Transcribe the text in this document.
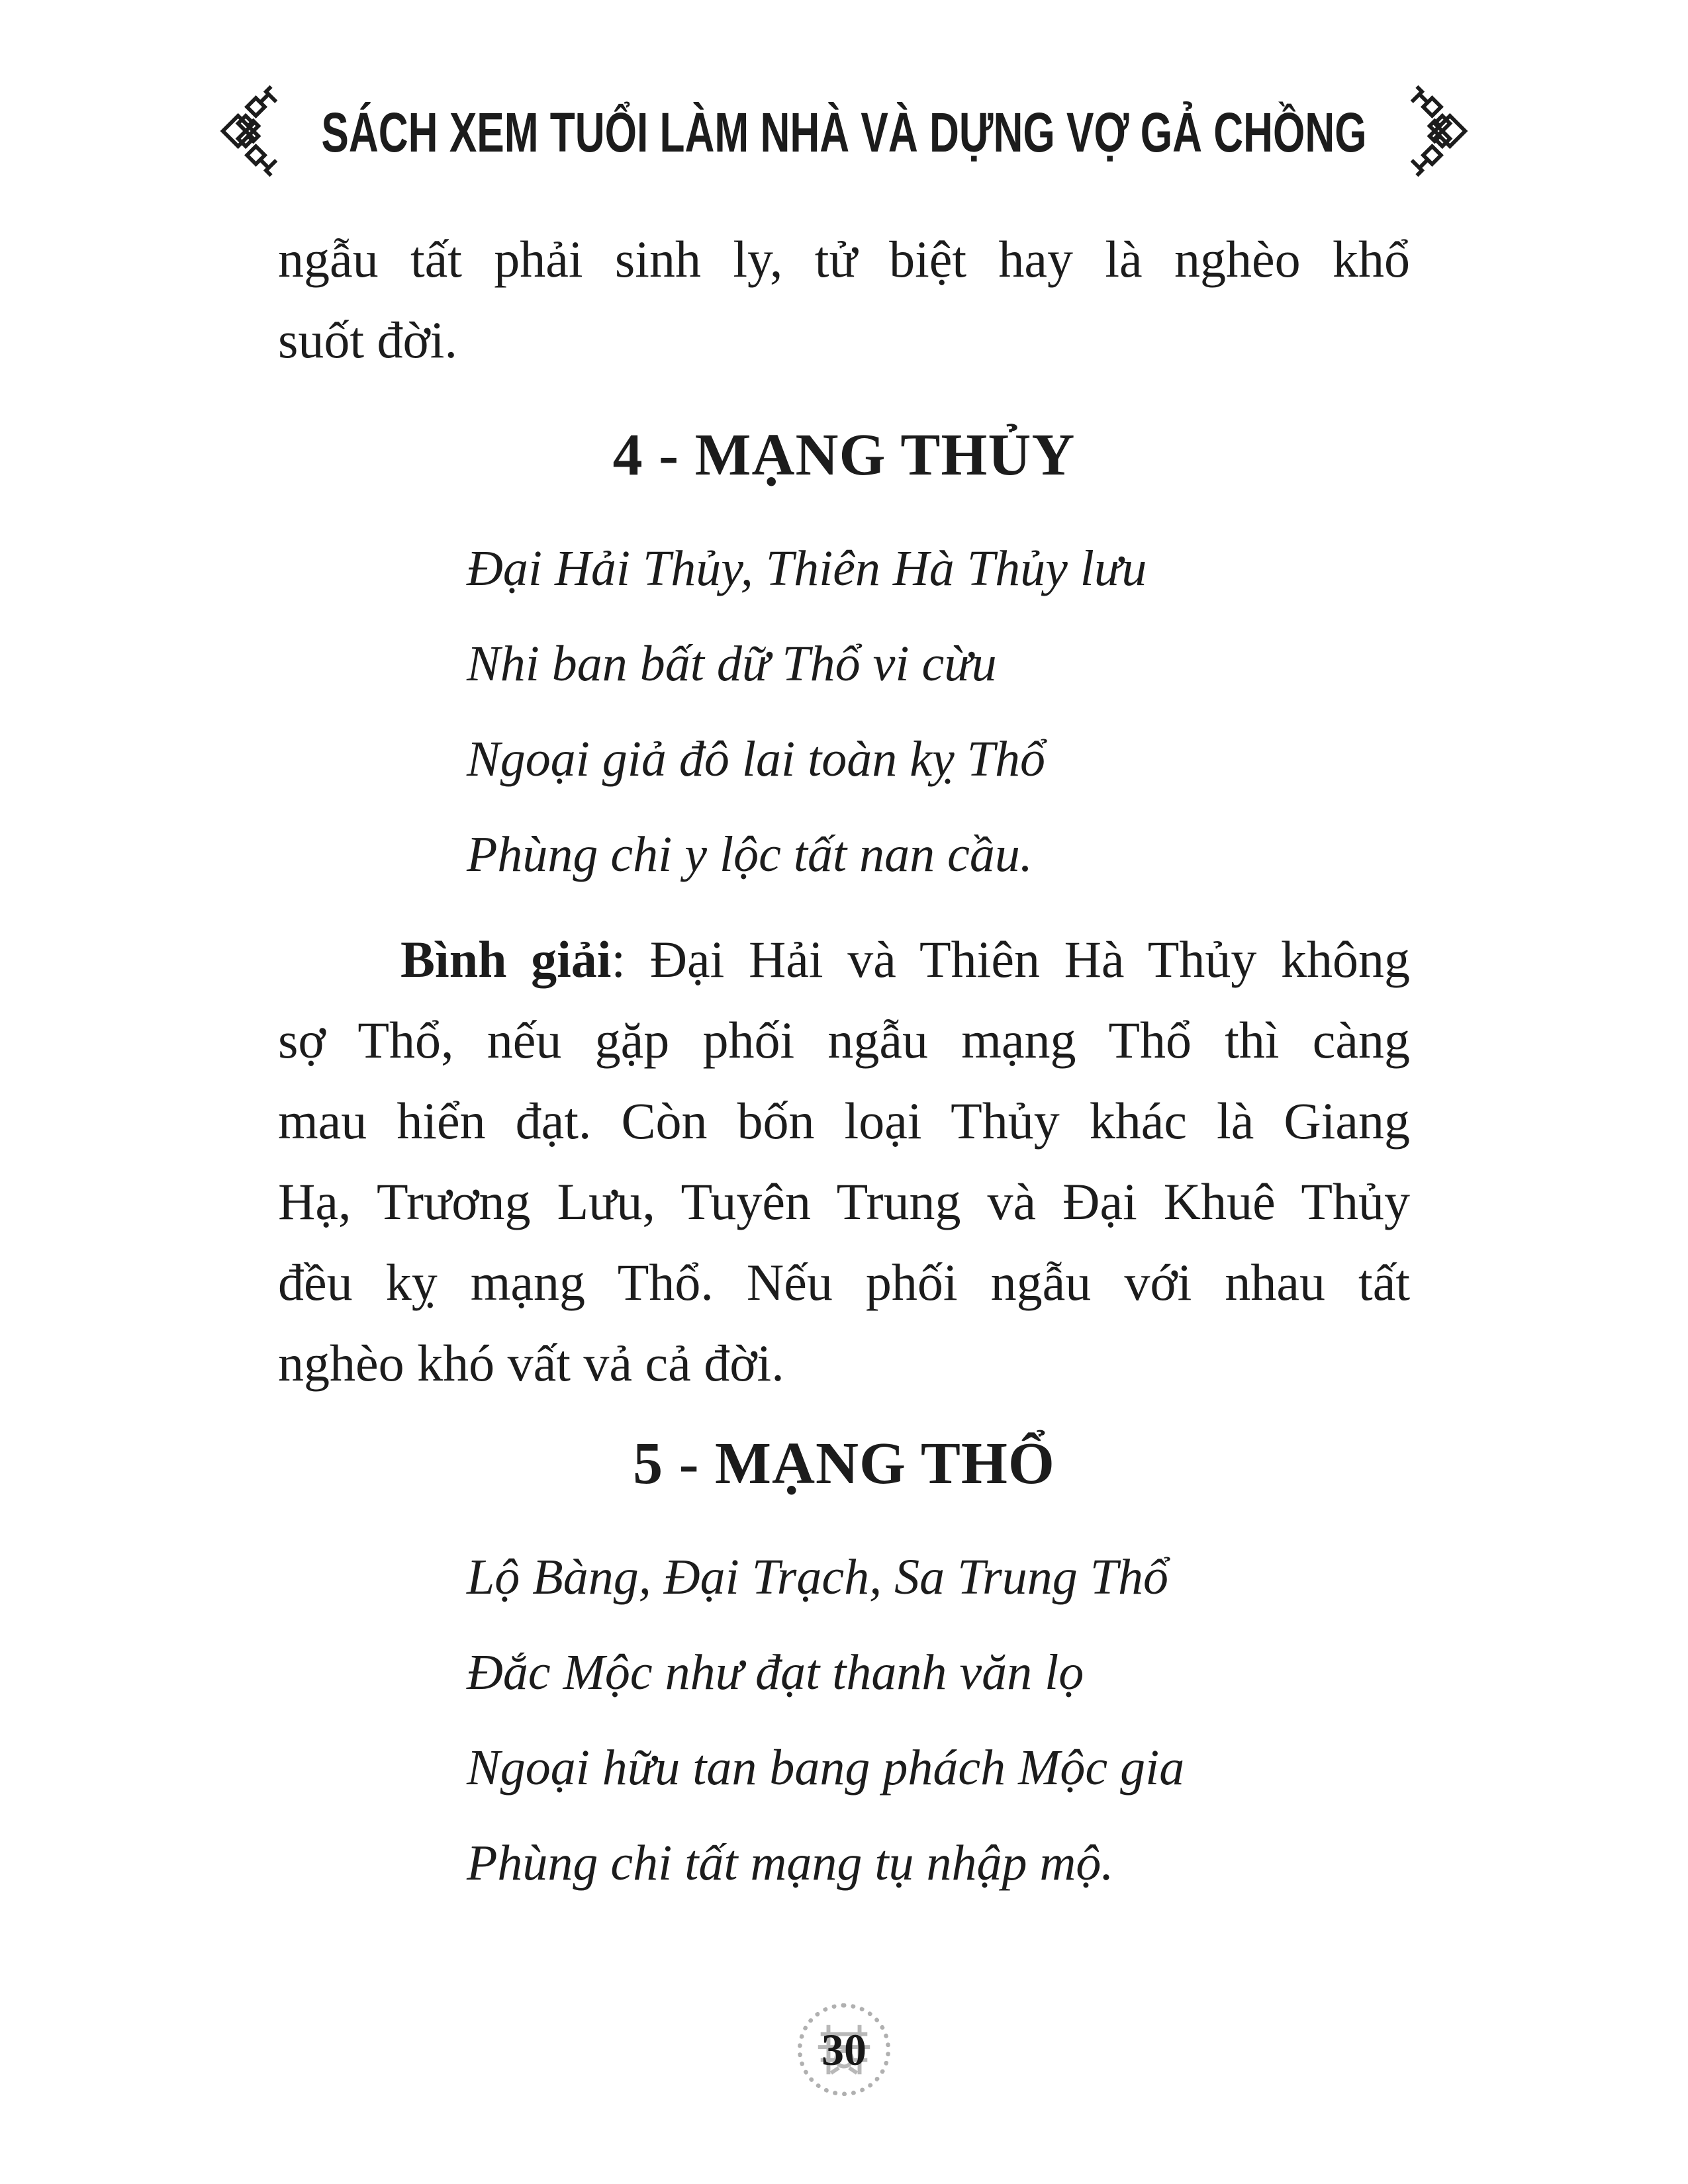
SÁCH XEM TUỔI LÀM NHÀ VÀ DỰNG VỢ GẢ CHỒNG
ngẫu tất phải sinh ly, tử biệt hay là nghèo khổ
suốt đời.
4 - MẠNG THỦY
Đại Hải Thủy, Thiên Hà Thủy lưu
Nhi ban bất dữ Thổ vi cừu
Ngoại giả đô lai toàn kỵ Thổ
Phùng chi y lộc tất nan cầu.
Bình giải: Đại Hải và Thiên Hà Thủy không
sợ Thổ, nếu gặp phối ngẫu mạng Thổ thì càng
mau hiển đạt. Còn bốn loại Thủy khác là Giang
Hạ, Trương Lưu, Tuyên Trung và Đại Khuê Thủy
đều kỵ mạng Thổ. Nếu phối ngẫu với nhau tất
nghèo khó vất vả cả đời.
5 - MẠNG THỔ
Lộ Bàng, Đại Trạch, Sa Trung Thổ
Đắc Mộc như đạt thanh văn lọ
Ngoại hữu tan bang phách Mộc gia
Phùng chi tất mạng tụ nhập mộ.
30
